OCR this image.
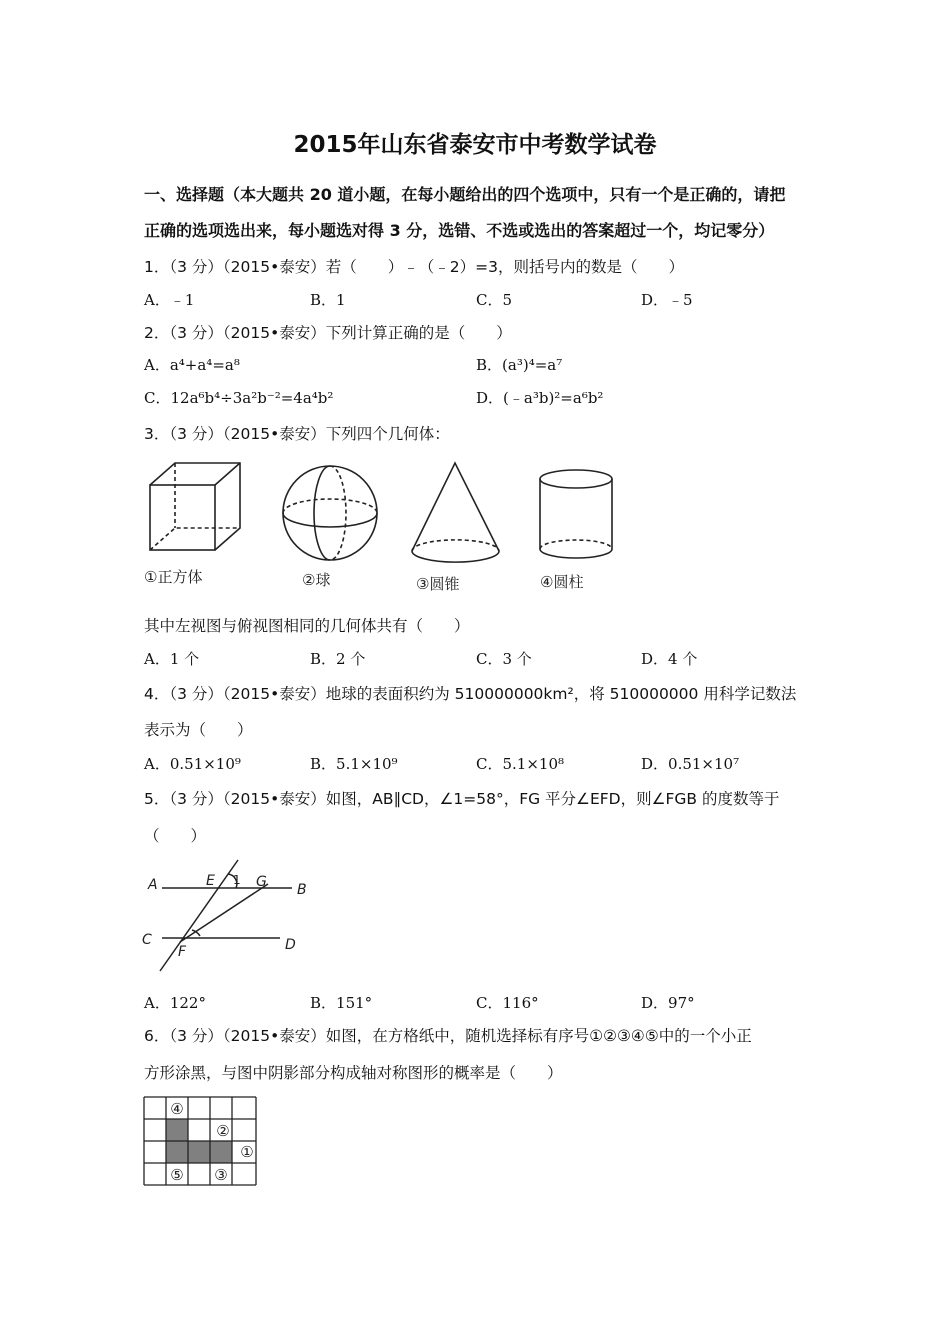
2015年山东省泰安市中考数学试卷
一、选择题（本大题共 20 道小题，在每小题给出的四个选项中，只有一个是正确的，请把
正确的选项选出来，每小题选对得 3 分，选错、不选或选出的答案超过一个，均记零分）
1．（3 分）（2015•泰安）若（　　）﹣（﹣2）=3，则括号内的数是（　　）
A．﹣1	B．1	C．5	D．﹣5
2．（3 分）（2015•泰安）下列计算正确的是（　　）
A．a⁴+a⁴=a⁸	B．(a³)⁴=a⁷
C．12a⁶b⁴÷3a²b⁻²=4a⁴b²	D．(﹣a³b)²=a⁶b²
3．（3 分）（2015•泰安）下列四个几何体：
①正方体	②球	③圆锥	④圆柱
其中左视图与俯视图相同的几何体共有（　　）
A．1 个	B．2 个	C．3 个	D．4 个
4．（3 分）（2015•泰安）地球的表面积约为 510000000km²，将 510000000 用科学记数法
表示为（　　）
A．0.51×10⁹	B．5.1×10⁹	C．5.1×10⁸	D．0.51×10⁷
5．（3 分）（2015•泰安）如图，AB∥CD，∠1=58°，FG 平分∠EFD，则∠FGB 的度数等于
（　　）
A	E 1 G B
C
F	D
A．122°	B．151°	C．116°	D．97°
6．（3 分）（2015•泰安）如图，在方格纸中，随机选择标有序号①②③④⑤中的一个小正
方形涂黑，与图中阴影部分构成轴对称图形的概率是（　　）
④
②
①
⑤ ③
